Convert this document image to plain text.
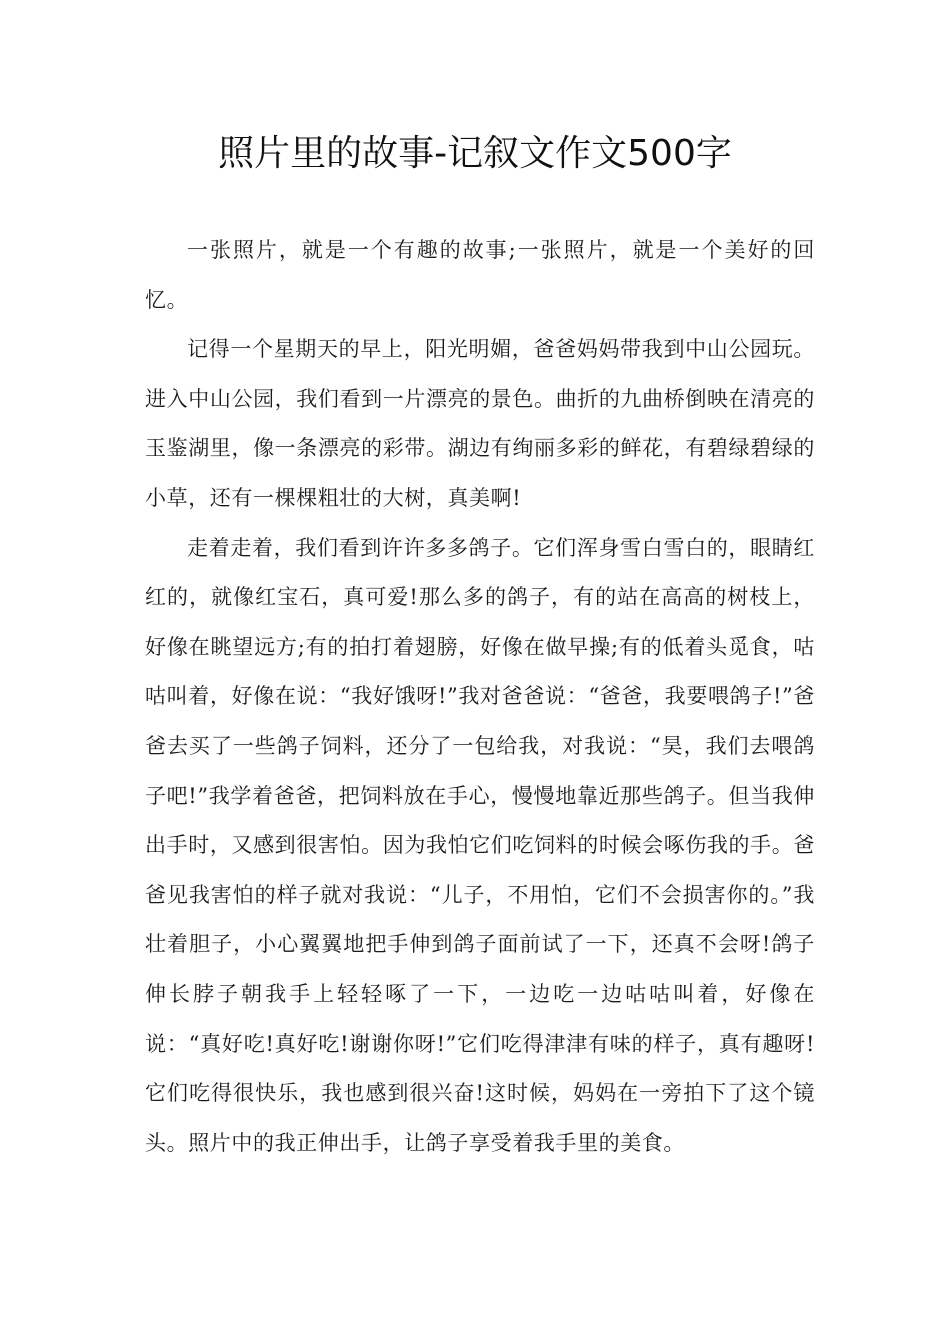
照片里的故事-记叙文作文500字

一张照片，就是一个有趣的故事;一张照片，就是一个美好的回忆。

记得一个星期天的早上，阳光明媚，爸爸妈妈带我到中山公园玩。进入中山公园，我们看到一片漂亮的景色。曲折的九曲桥倒映在清亮的玉鉴湖里，像一条漂亮的彩带。湖边有绚丽多彩的鲜花，有碧绿碧绿的小草，还有一棵棵粗壮的大树，真美啊!

走着走着，我们看到许许多多鸽子。它们浑身雪白雪白的，眼睛红红的，就像红宝石，真可爱!那么多的鸽子，有的站在高高的树枝上，好像在眺望远方;有的拍打着翅膀，好像在做早操;有的低着头觅食，咕咕叫着，好像在说：“我好饿呀!”我对爸爸说：“爸爸，我要喂鸽子!”爸爸去买了一些鸽子饲料，还分了一包给我，对我说：“昊，我们去喂鸽子吧!”我学着爸爸，把饲料放在手心，慢慢地靠近那些鸽子。但当我伸出手时，又感到很害怕。因为我怕它们吃饲料的时候会啄伤我的手。爸爸见我害怕的样子就对我说：“儿子，不用怕，它们不会损害你的。”我壮着胆子，小心翼翼地把手伸到鸽子面前试了一下，还真不会呀!鸽子伸长脖子朝我手上轻轻啄了一下，一边吃一边咕咕叫着，好像在说：“真好吃!真好吃!谢谢你呀!”它们吃得津津有味的样子，真有趣呀!它们吃得很快乐，我也感到很兴奋!这时候，妈妈在一旁拍下了这个镜头。照片中的我正伸出手，让鸽子享受着我手里的美食。
